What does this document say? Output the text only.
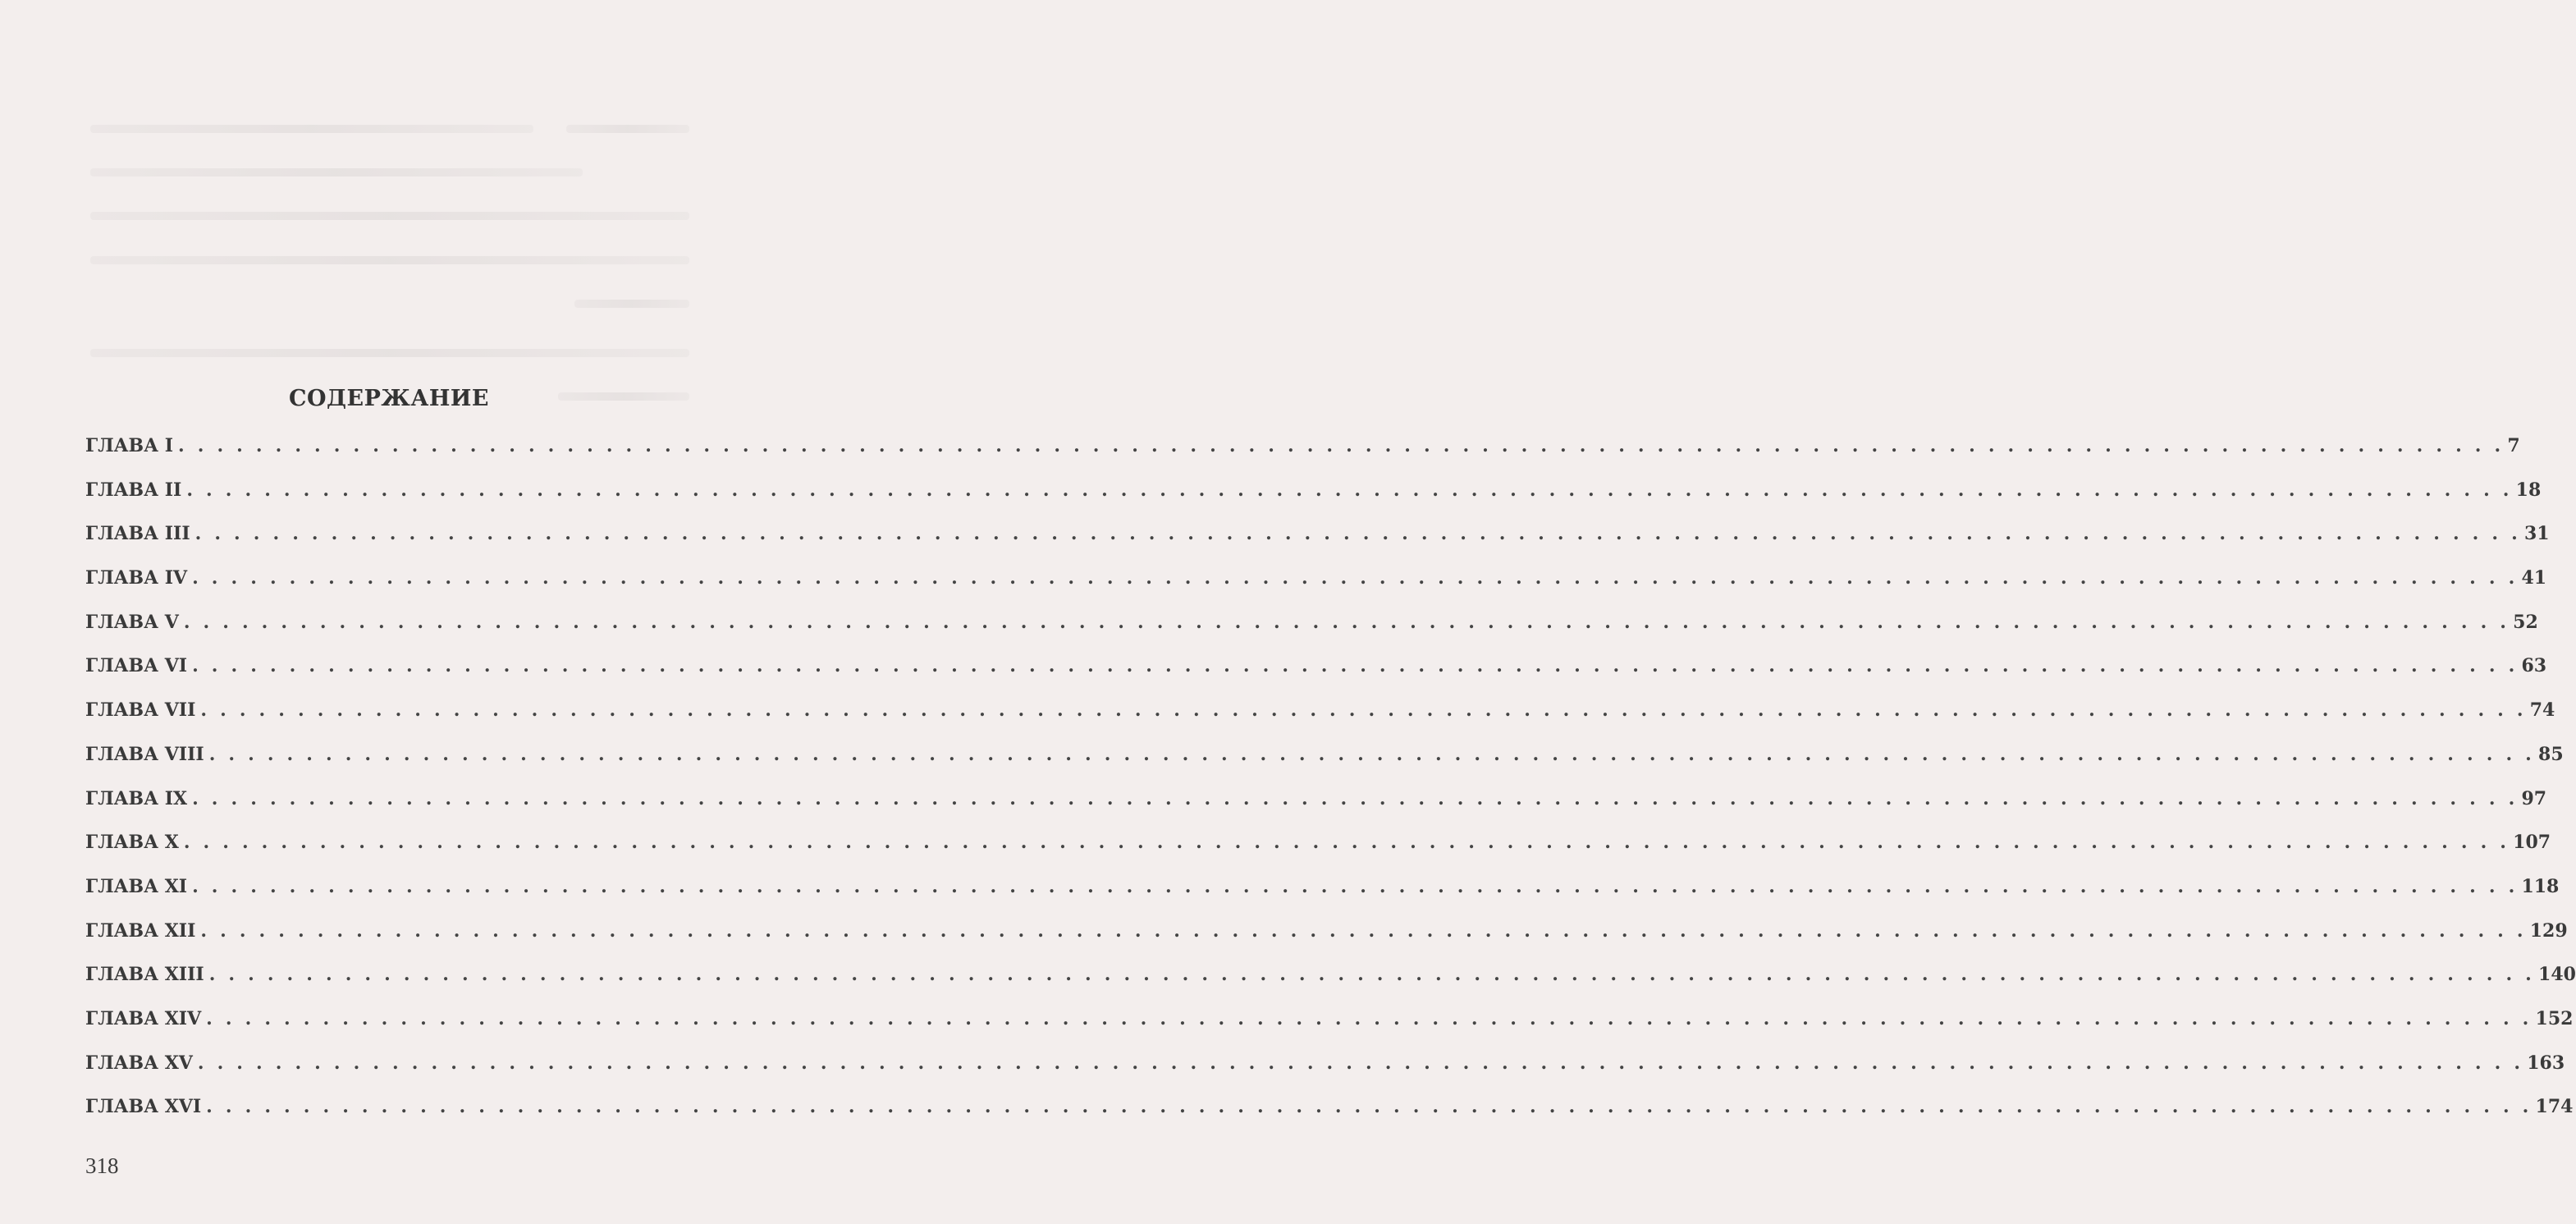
СОДЕРЖАНИЕ
ГЛАВА I . . . . . . . . . . . . . . . . . . . . . . . . . . . . . . . . . . . . . . . . . . . . . . . . . . . . . . . . . . . . . . . . . . . . . . . . . . . . . . . . . . . . . . . . . . . . . . . . . . . . . . . . . . . . . . . . . . . . . . . . 7
ГЛАВА II . . . . . . . . . . . . . . . . . . . . . . . . . . . . . . . . . . . . . . . . . . . . . . . . . . . . . . . . . . . . . . . . . . . . . . . . . . . . . . . . . . . . . . . . . . . . . . . . . . . . . . . . . . . . . . . . . . . . . . . . 18
ГЛАВА III . . . . . . . . . . . . . . . . . . . . . . . . . . . . . . . . . . . . . . . . . . . . . . . . . . . . . . . . . . . . . . . . . . . . . . . . . . . . . . . . . . . . . . . . . . . . . . . . . . . . . . . . . . . . . . . . . . . . . . . . 31
ГЛАВА IV . . . . . . . . . . . . . . . . . . . . . . . . . . . . . . . . . . . . . . . . . . . . . . . . . . . . . . . . . . . . . . . . . . . . . . . . . . . . . . . . . . . . . . . . . . . . . . . . . . . . . . . . . . . . . . . . . . . . . . . . 41
ГЛАВА V . . . . . . . . . . . . . . . . . . . . . . . . . . . . . . . . . . . . . . . . . . . . . . . . . . . . . . . . . . . . . . . . . . . . . . . . . . . . . . . . . . . . . . . . . . . . . . . . . . . . . . . . . . . . . . . . . . . . . . . . 52
ГЛАВА VI . . . . . . . . . . . . . . . . . . . . . . . . . . . . . . . . . . . . . . . . . . . . . . . . . . . . . . . . . . . . . . . . . . . . . . . . . . . . . . . . . . . . . . . . . . . . . . . . . . . . . . . . . . . . . . . . . . . . . . . . 63
ГЛАВА VII . . . . . . . . . . . . . . . . . . . . . . . . . . . . . . . . . . . . . . . . . . . . . . . . . . . . . . . . . . . . . . . . . . . . . . . . . . . . . . . . . . . . . . . . . . . . . . . . . . . . . . . . . . . . . . . . . . . . . . . . 74
ГЛАВА VIII . . . . . . . . . . . . . . . . . . . . . . . . . . . . . . . . . . . . . . . . . . . . . . . . . . . . . . . . . . . . . . . . . . . . . . . . . . . . . . . . . . . . . . . . . . . . . . . . . . . . . . . . . . . . . . . . . . . . . . . . 85
ГЛАВА IX . . . . . . . . . . . . . . . . . . . . . . . . . . . . . . . . . . . . . . . . . . . . . . . . . . . . . . . . . . . . . . . . . . . . . . . . . . . . . . . . . . . . . . . . . . . . . . . . . . . . . . . . . . . . . . . . . . . . . . . . 97
ГЛАВА X . . . . . . . . . . . . . . . . . . . . . . . . . . . . . . . . . . . . . . . . . . . . . . . . . . . . . . . . . . . . . . . . . . . . . . . . . . . . . . . . . . . . . . . . . . . . . . . . . . . . . . . . . . . . . . . . . . . . . . . . 107
ГЛАВА XI . . . . . . . . . . . . . . . . . . . . . . . . . . . . . . . . . . . . . . . . . . . . . . . . . . . . . . . . . . . . . . . . . . . . . . . . . . . . . . . . . . . . . . . . . . . . . . . . . . . . . . . . . . . . . . . . . . . . . . . . 118
ГЛАВА XII . . . . . . . . . . . . . . . . . . . . . . . . . . . . . . . . . . . . . . . . . . . . . . . . . . . . . . . . . . . . . . . . . . . . . . . . . . . . . . . . . . . . . . . . . . . . . . . . . . . . . . . . . . . . . . . . . . . . . . . . 129
ГЛАВА XIII . . . . . . . . . . . . . . . . . . . . . . . . . . . . . . . . . . . . . . . . . . . . . . . . . . . . . . . . . . . . . . . . . . . . . . . . . . . . . . . . . . . . . . . . . . . . . . . . . . . . . . . . . . . . . . . . . . . . . . . . 140
ГЛАВА XIV . . . . . . . . . . . . . . . . . . . . . . . . . . . . . . . . . . . . . . . . . . . . . . . . . . . . . . . . . . . . . . . . . . . . . . . . . . . . . . . . . . . . . . . . . . . . . . . . . . . . . . . . . . . . . . . . . . . . . . . . 152
ГЛАВА XV . . . . . . . . . . . . . . . . . . . . . . . . . . . . . . . . . . . . . . . . . . . . . . . . . . . . . . . . . . . . . . . . . . . . . . . . . . . . . . . . . . . . . . . . . . . . . . . . . . . . . . . . . . . . . . . . . . . . . . . . 163
ГЛАВА XVI . . . . . . . . . . . . . . . . . . . . . . . . . . . . . . . . . . . . . . . . . . . . . . . . . . . . . . . . . . . . . . . . . . . . . . . . . . . . . . . . . . . . . . . . . . . . . . . . . . . . . . . . . . . . . . . . . . . . . . . . 174
318
